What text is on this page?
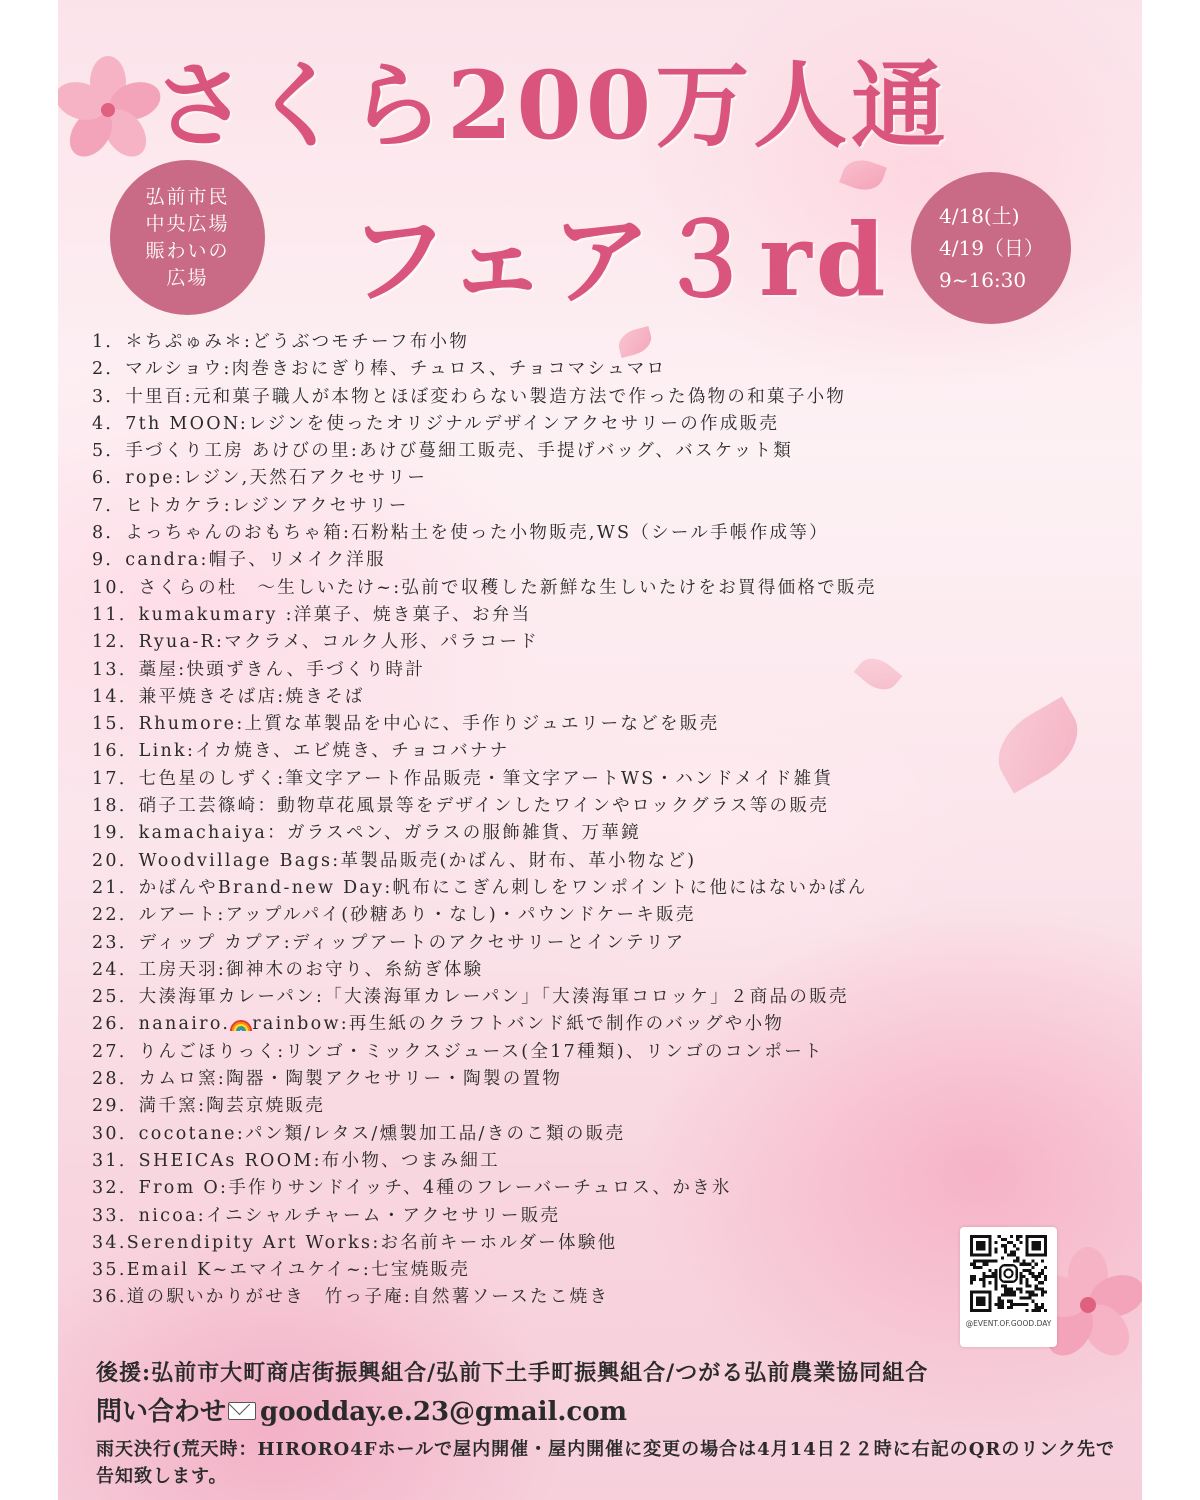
さくら200万人通
フェア３rd
弘前市民
中央広場
賑わいの
広場
4/18(土)
4/19（日）
9~16:30
1．＊ちぷゅみ＊:どうぶつモチーフ布小物
2．マルショウ:肉巻きおにぎり棒、チュロス、チョコマシュマロ
3．十里百:元和菓子職人が本物とほぼ変わらない製造方法で作った偽物の和菓子小物
4．7th MOON:レジンを使ったオリジナルデザインアクセサリーの作成販売
5．手づくり工房 あけびの里:あけび蔓細工販売、手提げバッグ、バスケット類
6．rope:レジン,天然石アクセサリー
7．ヒトカケラ:レジンアクセサリー
8．よっちゃんのおもちゃ箱:石粉粘土を使った小物販売,WS（シール手帳作成等）
9．candra:帽子、リメイク洋服
10．さくらの杜　～生しいたけ~:弘前で収穫した新鮮な生しいたけをお買得価格で販売
11．kumakumary :洋菓子、焼き菓子、お弁当
12．Ryua-R:マクラメ、コルク人形、パラコード
13．藁屋:快頭ずきん、手づくり時計
14．兼平焼きそば店:焼きそば
15．Rhumore:上質な革製品を中心に、手作りジュエリーなどを販売
16．Link:イカ焼き、エビ焼き、チョコバナナ
17．七色星のしずく:筆文字アート作品販売・筆文字アートWS・ハンドメイド雑貨
18．硝子工芸篠崎：動物草花風景等をデザインしたワインやロックグラス等の販売
19．kamachaiya：ガラスペン、ガラスの服飾雑貨、万華鏡
20．Woodvillage Bags:革製品販売(かばん、財布、革小物など)
21．かばんやBrand-new Day:帆布にこぎん刺しをワンポイントに他にはないかばん
22．ルアート:アップルパイ(砂糖あり・なし)・パウンドケーキ販売
23．ディップ カプア:ディップアートのアクセサリーとインテリア
24．工房天羽:御神木のお守り、糸紡ぎ体験
25．大湊海軍カレーパン:「大湊海軍カレーパン」「大湊海軍コロッケ」２商品の販売
26．nanairo. rainbow:再生紙のクラフトバンド紙で制作のバッグや小物
27．りんごほりっく:リンゴ・ミックスジュース(全17種類)、リンゴのコンポート
28．カムロ窯:陶器・陶製アクセサリー・陶製の置物
29．満千窯:陶芸京焼販売
30．cocotane:パン類/レタス/燻製加工品/きのこ類の販売
31．SHEICAs ROOM:布小物、つまみ細工
32．From O:手作りサンドイッチ、4種のフレーバーチュロス、かき氷
33．nicoa:イニシャルチャーム・アクセサリー販売
34.Serendipity Art Works:お名前キーホルダー体験他
35.Email K~エマイユケイ~:七宝焼販売
36.道の駅いかりがせき　竹っ子庵:自然薯ソースたこ焼き
@EVENT.OF.GOOD.DAY
後援:弘前市大町商店街振興組合/弘前下土手町振興組合/つがる弘前農業協同組合
問い合わせ goodday.e.23@gmail.com
雨天決行(荒天時：HIRORO4Fホールで屋内開催・屋内開催に変更の場合は4月14日２２時に右記のQRのリンク先で告知致します。
